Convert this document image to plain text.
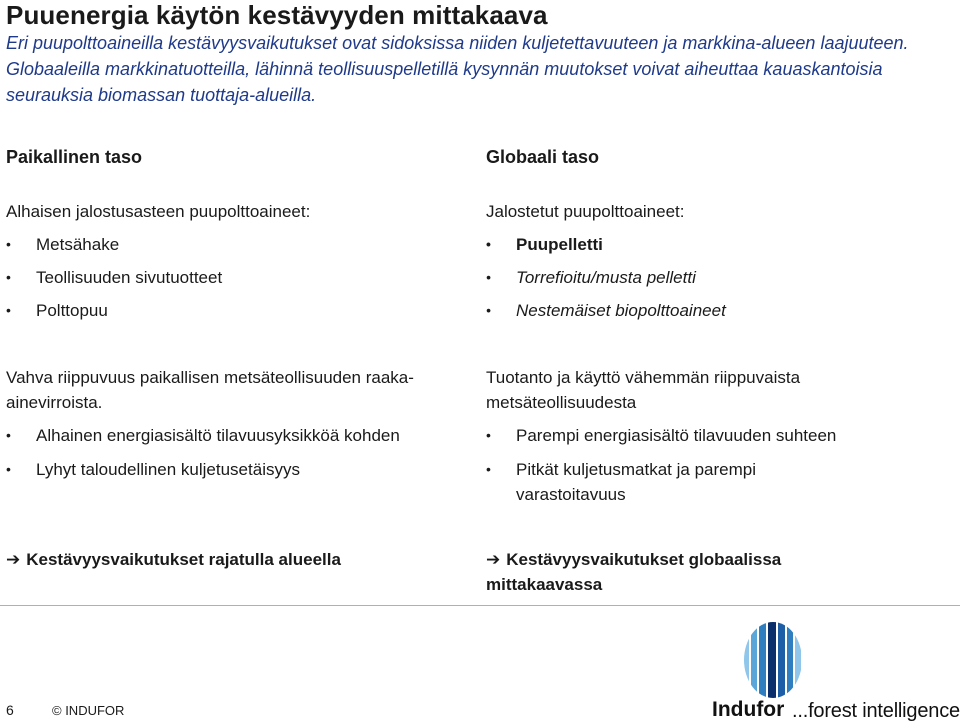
Puuenergia käytön kestävyyden mittakaava

Eri puupolttoaineilla kestävyysvaikutukset ovat sidoksissa niiden kuljetettavuuteen ja markkina-alueen laajuuteen. Globaaleilla markkinatuotteilla, lähinnä teollisuuspelletillä kysynnän muutokset voivat aiheuttaa kauaskantoisia seurauksia biomassan tuottaja-alueilla.

Paikallinen taso
Alhaisen jalostusasteen puupolttoaineet:
• Metsähake
• Teollisuuden sivutuotteet
• Polttopuu
Vahva riippuvuus paikallisen metsäteollisuuden raaka-ainevirroista.
• Alhainen energiasisältö tilavuusyksikköä kohden
• Lyhyt taloudellinen kuljetusetäisyys
➔ Kestävyysvaikutukset rajatulla alueella
Globaali taso
Jalostetut puupolttoaineet:
• Puupelletti
• Torrefioitu/musta pelletti
• Nestemäiset biopolttoaineet
Tuotanto ja käyttö vähemmän riippuvaista metsäteollisuudesta
• Parempi energiasisältö tilavuuden suhteen
• Pitkät kuljetusmatkat ja parempi varastoitavuus
➔ Kestävyysvaikutukset globaalissa mittakaavassa
6	© INDUFOR	Indufor ...forest intelligence
